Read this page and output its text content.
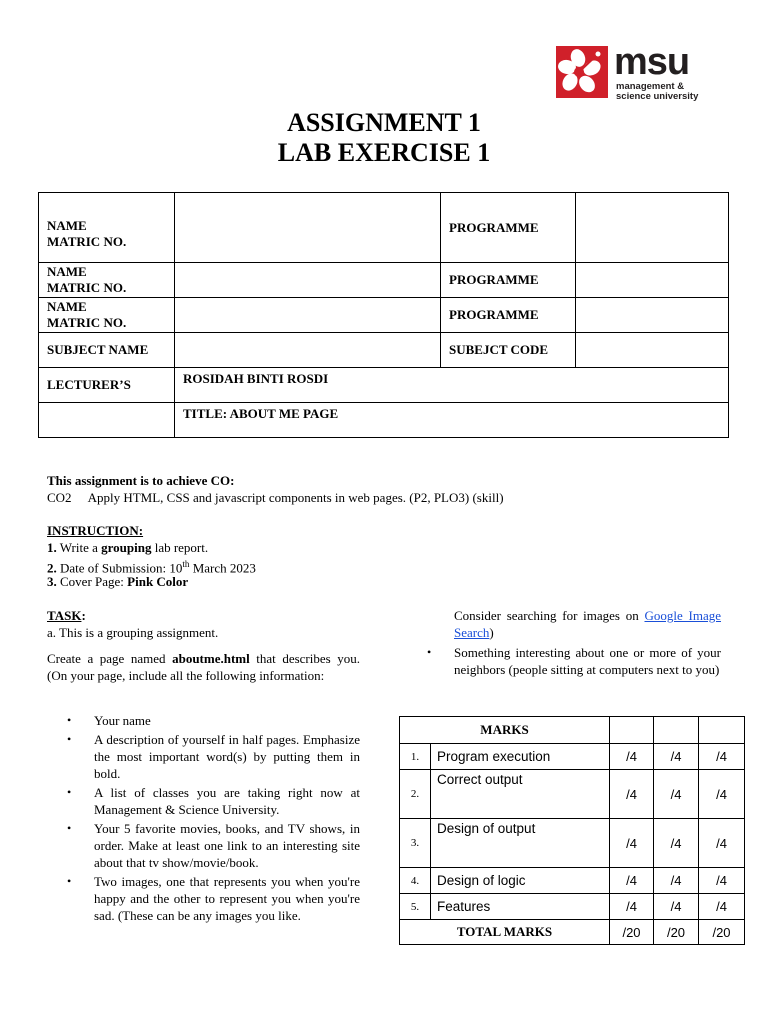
msu
management &
science university
ASSIGNMENT 1
LAB EXERCISE 1
NAME
MATRIC NO.		PROGRAMME	

NAME
MATRIC NO.		PROGRAMME	

NAME
MATRIC NO.		PROGRAMME	
SUBJECT NAME		SUBEJCT CODE	
LECTURER’S	ROSIDAH BINTI ROSDI		
	TITLE: ABOUT ME PAGE		
This assignment is to achieve CO:
CO2 Apply HTML, CSS and javascript components in web pages. (P2, PLO3) (skill)
INSTRUCTION:
1. Write a grouping lab report.
2. Date of Submission: 10th March 2023
3. Cover Page: Pink Color
TASK:
a. This is a grouping assignment.
Create a page named aboutme.html that describes you. (On your page, include all the following information:
• Your name
• A description of yourself in half pages. Emphasize the most important word(s) by putting them in bold.
• A list of classes you are taking right now at Management & Science University.
• Your 5 favorite movies, books, and TV shows, in order. Make at least one link to an interesting site about that tv show/movie/book.
• Two images, one that represents you when you're happy and the other to represent you when you're sad. (These can be any images you like.
Consider searching for images on Google Image Search)
• Something interesting about one or more of your neighbors (people sitting at computers next to you)
MARKS				
1.	Program execution	/4	/4	/4
2.	Correct output	/4	/4	/4
3.	Design of output	/4	/4	/4
4.	Design of logic	/4	/4	/4
5.	Features	/4	/4	/4
TOTAL MARKS		/20	/20	/20
